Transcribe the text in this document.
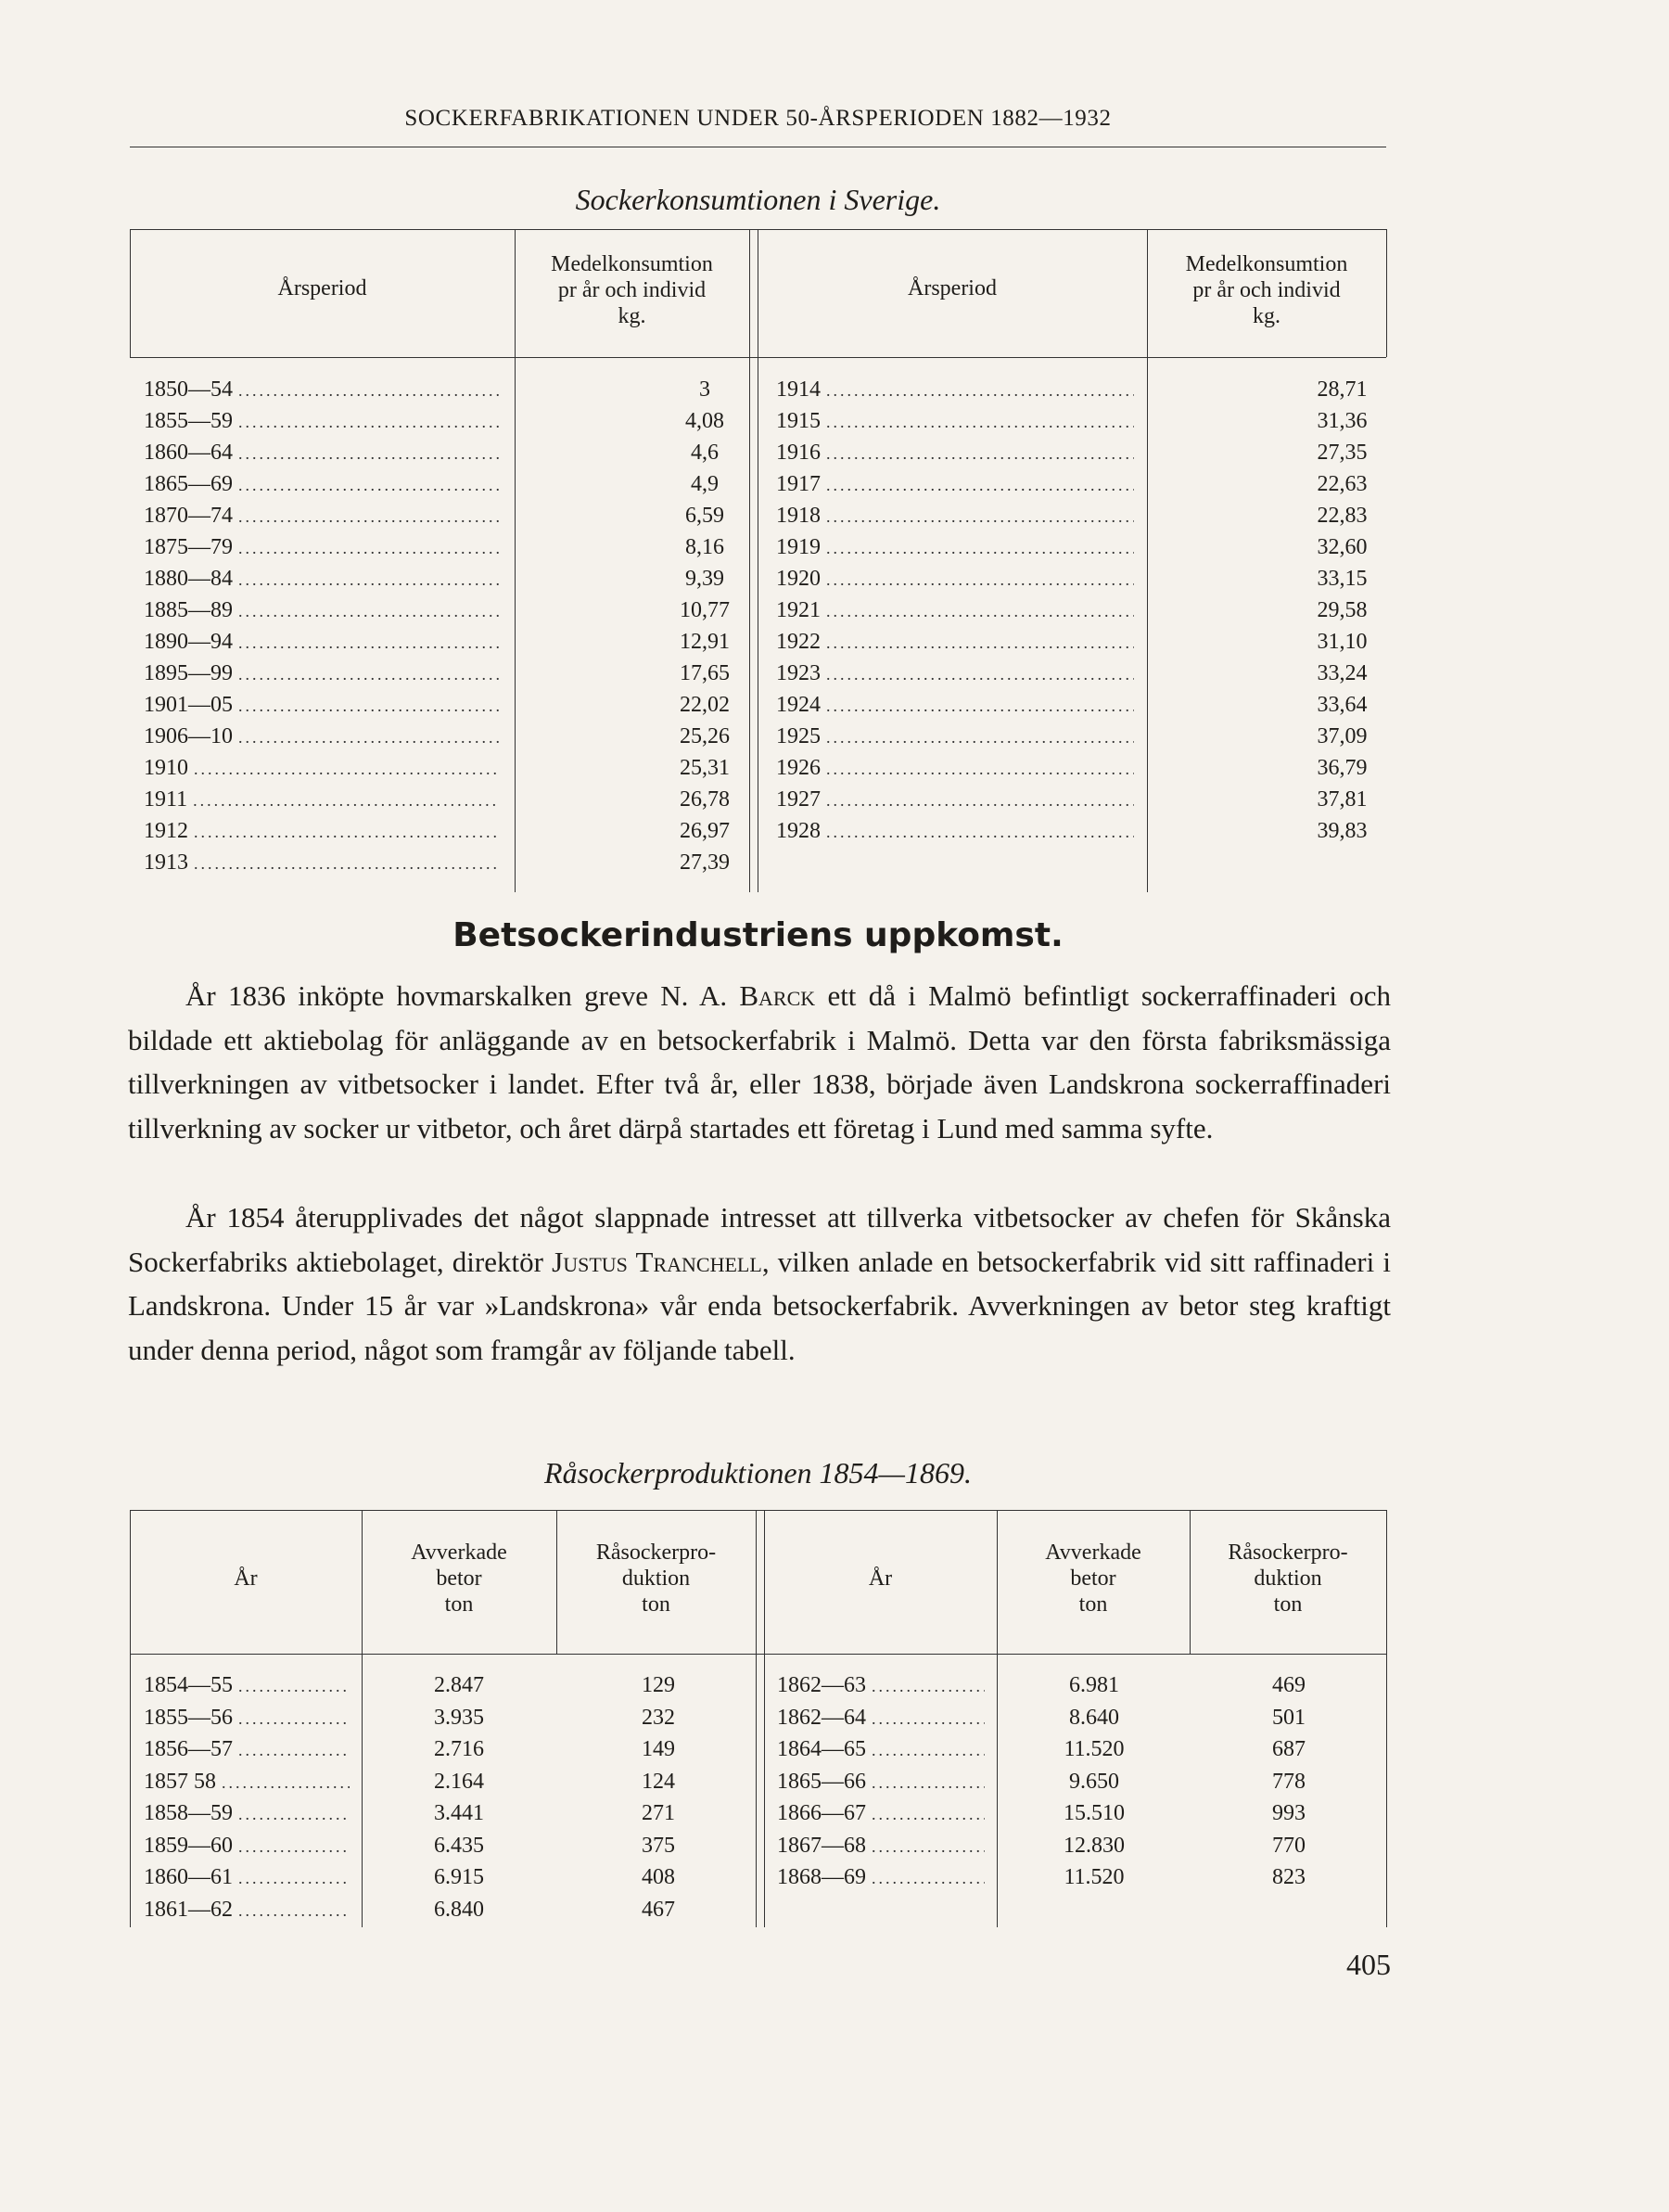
SOCKERFABRIKATIONEN UNDER 50-ÅRSPERIODEN 1882—1932
Sockerkonsumtionen i Sverige.
Årsperiod
Medelkonsumtion
pr år och individ
kg.
Årsperiod
Medelkonsumtion
pr år och individ
kg.
1850—54
.....
1855—59
.....
1860—64
.....
1865—69
.....
1870—74
.....
1875—79
.....
1880—84
.....
1885—89
.....
1890—94
.....
1895—99
.....
1901—05
.....
1906—10
.....
1910
.....
1911
.....
1912
.....
1913
.....
3
4,08
4,6
4,9
6,59
8,16
9,39
10,77
12,91
17,65
22,02
25,26
25,31
26,78
26,97
27,39
1914
.....
1915
.....
1916
.....
1917
.....
1918
.....
1919
.....
1920
.....
1921
.....
1922
.....
1923
.....
1924
.....
1925
.....
1926
.....
1927
.....
1928
.....
28,71
31,36
27,35
22,63
22,83
32,60
33,15
29,58
31,10
33,24
33,64
37,09
36,79
37,81
39,83
Betsockerindustriens uppkomst.

År 1836 inköpte hovmarskalken greve N. A. Barck ett då i Malmö befintligt sockerraffinaderi och bildade ett aktiebolag för anläggande av en betsockerfabrik i Malmö. Detta var den första fabriksmässiga tillverkningen av vitbetsocker i landet. Efter två år, eller 1838, började även Landskrona sockerraffinaderi tillverkning av socker ur vitbetor, och året därpå startades ett företag i Lund med samma syfte.

År 1854 återupplivades det något slappnade intresset att tillverka vitbetsocker av chefen för Skånska Sockerfabriks aktiebolaget, direktör Justus Tranchell, vilken anlade en betsockerfabrik vid sitt raffinaderi i Landskrona. Under 15 år var »Landskrona» vår enda betsockerfabrik. Avverkningen av betor steg kraftigt under denna period, något som framgår av följande tabell.

Råsockerproduktionen 1854—1869.
År
Avverkade
betor
ton
Råsockerpro-
duktion
ton
År
Avverkade
betor
ton
Råsockerpro-
duktion
ton
1854—55
.....
1855—56
.....
1856—57
.....
1857 58
.....
1858—59
.....
1859—60
.....
1860—61
.....
1861—62
.....
2.847
3.935
2.716
2.164
3.441
6.435
6.915
6.840
129
232
149
124
271
375
408
467
1862—63
.....
1862—64
.....
1864—65
.....
1865—66
.....
1866—67
.....
1867—68
.....
1868—69
.....
6.981
8.640
11.520
9.650
15.510
12.830
11.520
469
501
687
778
993
770
823
405
